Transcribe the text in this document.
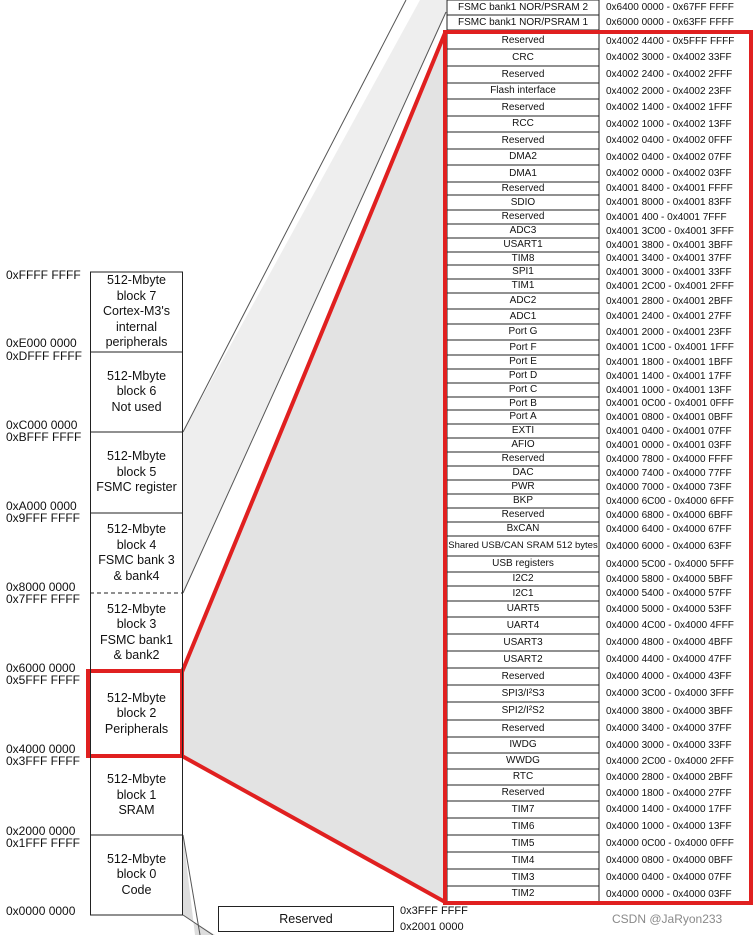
0xFFFF FFFF
0xE000 0000
0xDFFF FFFF
0xC000 0000
0xBFFF FFFF
0xA000 0000
0x9FFF FFFF
0x8000 0000
0x7FFF FFFF
0x6000 0000
0x5FFF FFFF
0x4000 0000
0x3FFF FFFF
0x2000 0000
0x1FFF FFFF
0x0000 0000
512-Mbyte
block 7
Cortex-M3's
internal
peripherals
512-Mbyte
block 6
Not used
512-Mbyte
block 5
FSMC register
512-Mbyte
block 4
FSMC bank 3
& bank4
512-Mbyte
block 3
FSMC bank1
& bank2
512-Mbyte
block 2
Peripherals
512-Mbyte
block 1
SRAM
512-Mbyte
block 0
Code
FSMC bank1 NOR/PSRAM 2	0x6400 0000 - 0x67FF FFFF
FSMC bank1 NOR/PSRAM 1	0x6000 0000 - 0x63FF FFFF
Reserved	0x4002 4400 - 0x5FFF FFFF
CRC	0x4002 3000 - 0x4002 33FF
Reserved	0x4002 2400 - 0x4002 2FFF
Flash interface	0x4002 2000 - 0x4002 23FF
Reserved	0x4002 1400 - 0x4002 1FFF
RCC	0x4002 1000 - 0x4002 13FF
Reserved	0x4002 0400 - 0x4002 0FFF
DMA2	0x4002 0400 - 0x4002 07FF
DMA1	0x4002 0000 - 0x4002 03FF
Reserved	0x4001 8400 - 0x4001 FFFF
SDIO	0x4001 8000 - 0x4001 83FF
Reserved	0x4001 400 - 0x4001 7FFF
ADC3	0x4001 3C00 - 0x4001 3FFF
USART1	0x4001 3800 - 0x4001 3BFF
TIM8	0x4001 3400 - 0x4001 37FF
SPI1	0x4001 3000 - 0x4001 33FF
TIM1	0x4001 2C00 - 0x4001 2FFF
ADC2	0x4001 2800 - 0x4001 2BFF
ADC1	0x4001 2400 - 0x4001 27FF
Port G	0x4001 2000 - 0x4001 23FF
Port F	0x4001 1C00 - 0x4001 1FFF
Port E	0x4001 1800 - 0x4001 1BFF
Port D	0x4001 1400 - 0x4001 17FF
Port C	0x4001 1000 - 0x4001 13FF
Port B	0x4001 0C00 - 0x4001 0FFF
Port A	0x4001 0800 - 0x4001 0BFF
EXTI	0x4001 0400 - 0x4001 07FF
AFIO	0x4001 0000 - 0x4001 03FF
Reserved	0x4000 7800 - 0x4000 FFFF
DAC	0x4000 7400 - 0x4000 77FF
PWR	0x4000 7000 - 0x4000 73FF
BKP	0x4000 6C00 - 0x4000 6FFF
Reserved	0x4000 6800 - 0x4000 6BFF
BxCAN	0x4000 6400 - 0x4000 67FF
Shared USB/CAN SRAM 512 bytes 0x4000 6000 - 0x4000 63FF
USB registers	0x4000 5C00 - 0x4000 5FFF
I2C2	0x4000 5800 - 0x4000 5BFF
I2C1	0x4000 5400 - 0x4000 57FF
UART5	0x4000 5000 - 0x4000 53FF
UART4	0x4000 4C00 - 0x4000 4FFF
USART3	0x4000 4800 - 0x4000 4BFF
USART2	0x4000 4400 - 0x4000 47FF
Reserved	0x4000 4000 - 0x4000 43FF
SPI3/I²S3	0x4000 3C00 - 0x4000 3FFF
SPI2/I²S2	0x4000 3800 - 0x4000 3BFF
Reserved	0x4000 3400 - 0x4000 37FF
IWDG	0x4000 3000 - 0x4000 33FF
WWDG	0x4000 2C00 - 0x4000 2FFF
RTC	0x4000 2800 - 0x4000 2BFF
Reserved	0x4000 1800 - 0x4000 27FF
TIM7	0x4000 1400 - 0x4000 17FF
TIM6	0x4000 1000 - 0x4000 13FF
TIM5	0x4000 0C00 - 0x4000 0FFF
TIM4	0x4000 0800 - 0x4000 0BFF
TIM3	0x4000 0400 - 0x4000 07FF
TIM2	0x4000 0000 - 0x4000 03FF
Reserved
0x3FFF FFFF
0x2001 0000
CSDN @JaRyon233
